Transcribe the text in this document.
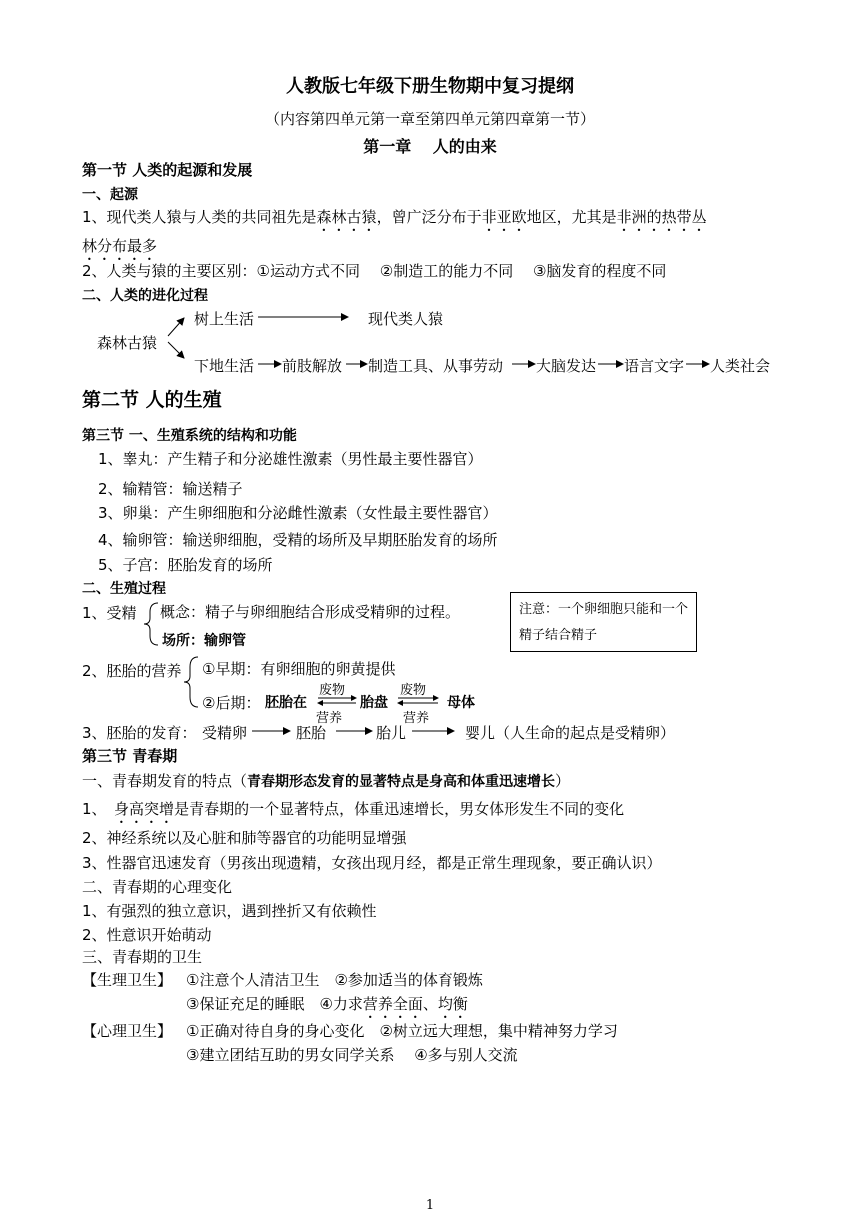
人教版七年级下册生物期中复习提纲
（内容第四单元第一章至第四单元第四章第一节）
第一章　 人的由来
第一节 人类的起源和发展
一、起源
1、现代类人猿与人类的共同祖先是森林古猿，曾广泛分布于非亚欧地区，尤其是非洲的热带丛
林分布最多
2、人类与猿的主要区别：①运动方式不同　 ②制造工的能力不同　 ③脑发育的程度不同
二、人类的进化过程
森林古猿
树上生活	现代类人猿
下地生活 前肢解放 制造工具、从事劳动 大脑发达 语言文字 人类社会
第二节 人的生殖
第三节 一、生殖系统的结构和功能
1、睾丸：产生精子和分泌雄性激素（男性最主要性器官）
2、输精管：输送精子
3、卵巢：产生卵细胞和分泌雌性激素（女性最主要性器官）
4、输卵管：输送卵细胞，受精的场所及早期胚胎发育的场所
5、子宫：胚胎发育的场所
二、生殖过程
1、受精 概念：精子与卵细胞结合形成受精卵的过程。
场所：输卵管
注意：一个卵细胞只能和一个精子结合精子
2、胚胎的营养 ①早期：有卵细胞的卵黄提供
②后期： 胚胎在	胎盘	母体
废物	废物
营养	营养
3、胚胎的发育： 受精卵	胚胎	胎儿	婴儿（人生命的起点是受精卵）
第三节 青春期
一、青春期发育的特点（青春期形态发育的显著特点是身高和体重迅速增长）
1、　身高突增是青春期的一个显著特点，体重迅速增长，男女体形发生不同的变化
2、神经系统以及心脏和肺等器官的功能明显增强
3、性器官迅速发育（男孩出现遗精，女孩出现月经，都是正常生理现象，要正确认识）
二、青春期的心理变化
1、有强烈的独立意识，遇到挫折又有依赖性
2、性意识开始萌动
三、青春期的卫生
【生理卫生】 ①注意个人清洁卫生　②参加适当的体育锻炼
③保证充足的睡眠　④力求营养全面、均衡
【心理卫生】 ①正确对待自身的身心变化　②树立远大理想，集中精神努力学习
③建立团结互助的男女同学关系　 ④多与别人交流
1
